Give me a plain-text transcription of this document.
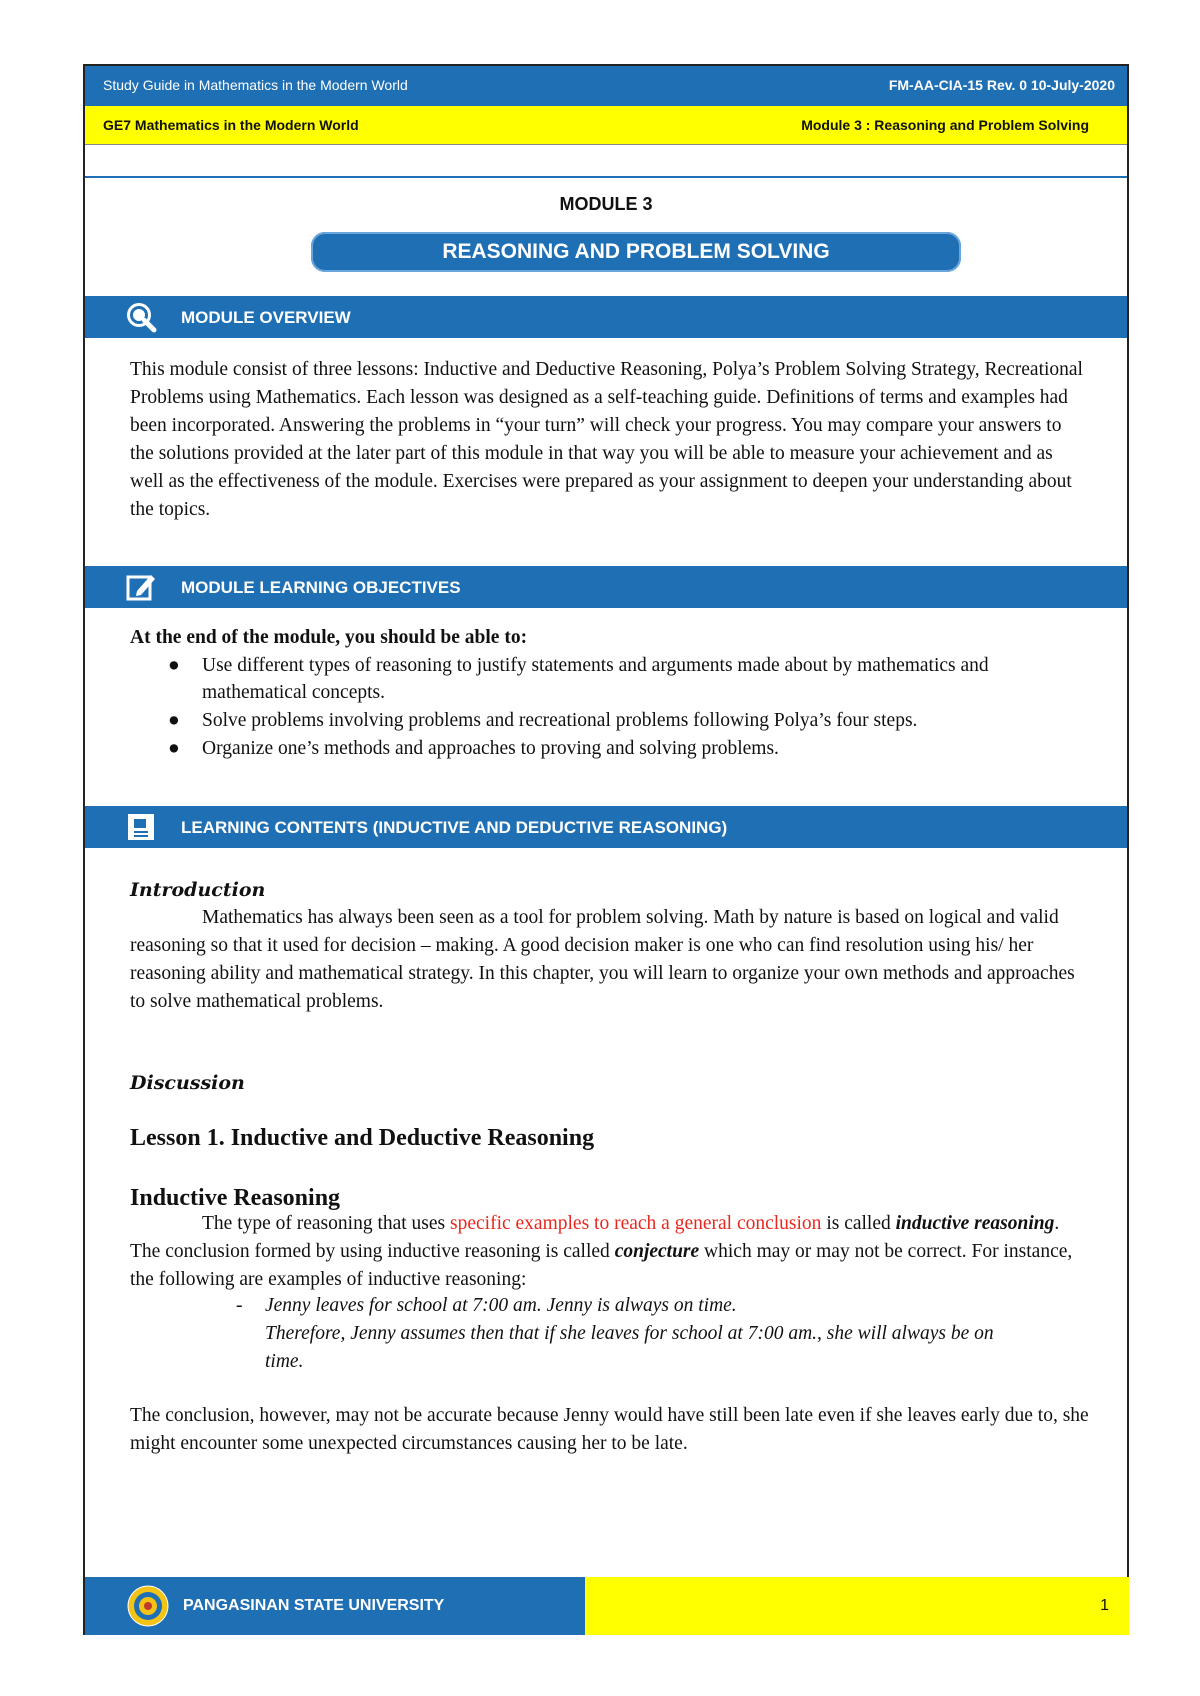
Study Guide in Mathematics in the Modern World	FM-AA-CIA-15 Rev. 0 10-July-2020
GE7 Mathematics in the Modern World	Module 3 : Reasoning and Problem Solving
MODULE 3
REASONING AND PROBLEM SOLVING
MODULE OVERVIEW
This module consist of three lessons: Inductive and Deductive Reasoning, Polya’s Problem Solving Strategy, Recreational Problems using Mathematics. Each lesson was designed as a self-teaching guide. Definitions of terms and examples had been incorporated. Answering the problems in “your turn” will check your progress. You may compare your answers to the solutions provided at the later part of this module in that way you will be able to measure your achievement and as well as the effectiveness of the module. Exercises were prepared as your assignment to deepen your understanding about the topics.
MODULE LEARNING OBJECTIVES
At the end of the module, you should be able to:
● Use different types of reasoning to justify statements and arguments made about by mathematics and mathematical concepts.
● Solve problems involving problems and recreational problems following Polya’s four steps.
● Organize one’s methods and approaches to proving and solving problems.
LEARNING CONTENTS (INDUCTIVE AND DEDUCTIVE REASONING)
Introduction
Mathematics has always been seen as a tool for problem solving. Math by nature is based on logical and valid reasoning so that it used for decision – making. A good decision maker is one who can find resolution using his/ her reasoning ability and mathematical strategy. In this chapter, you will learn to organize your own methods and approaches to solve mathematical problems.
Discussion
Lesson 1. Inductive and Deductive Reasoning
Inductive Reasoning
The type of reasoning that uses specific examples to reach a general conclusion is called inductive reasoning. The conclusion formed by using inductive reasoning is called conjecture which may or may not be correct. For instance, the following are examples of inductive reasoning:
- Jenny leaves for school at 7:00 am. Jenny is always on time.
Therefore, Jenny assumes then that if she leaves for school at 7:00 am., she will always be on time.
The conclusion, however, may not be accurate because Jenny would have still been late even if she leaves early due to, she might encounter some unexpected circumstances causing her to be late.
PANGASINAN STATE UNIVERSITY	1
